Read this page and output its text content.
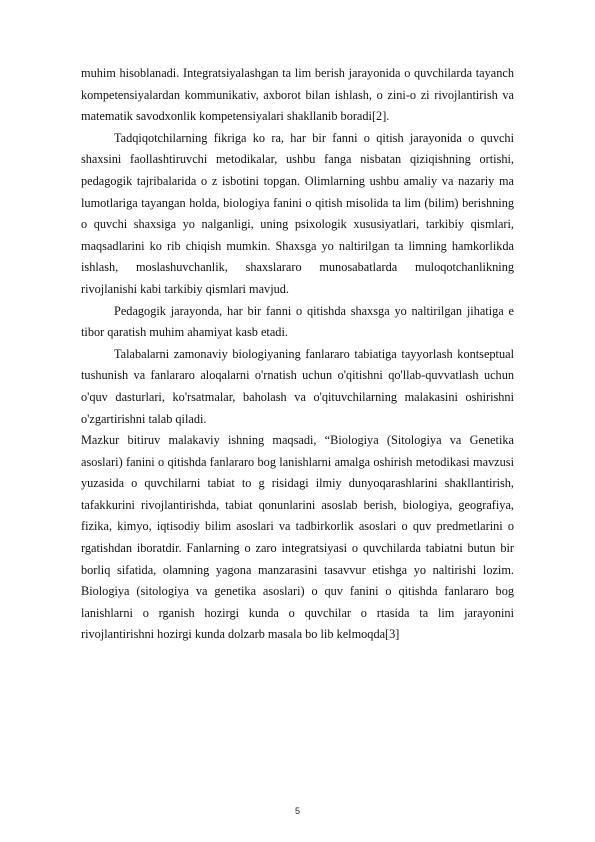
muhim hisoblanadi. Integratsiyalashgan ta lim berish jarayonida o quvchilarda tayanch kompetensiyalardan kommunikativ, axborot bilan ishlash, o zini-o zi rivojlantirish va matematik savodxonlik kompetensiyalari shakllanib boradi[2].

Tadqiqotchilarning fikriga ko ra, har bir fanni o qitish jarayonida o quvchi shaxsini faollashtiruvchi metodikalar, ushbu fanga nisbatan qiziqishning ortishi, pedagogik tajribalarida o z isbotini topgan. Olimlarning ushbu amaliy va nazariy ma lumotlariga tayangan holda, biologiya fanini o qitish misolida ta lim (bilim) berishning o quvchi shaxsiga yo nalganligi, uning psixologik xususiyatlari, tarkibiy qismlari, maqsadlarini ko rib chiqish mumkin. Shaxsga yo naltirilgan ta limning hamkorlikda ishlash, moslashuvchanlik, shaxslararo munosabatlarda muloqotchanlikning rivojlanishi kabi tarkibiy qismlari mavjud.

Pedagogik jarayonda, har bir fanni o qitishda shaxsga yo naltirilgan jihatiga e tibor qaratish muhim ahamiyat kasb etadi.

Talabalarni zamonaviy biologiyaning fanlararo tabiatiga tayyorlash kontseptual tushunish va fanlararo aloqalarni o'rnatish uchun o'qitishni qo'llab-quvvatlash uchun o'quv dasturlari, ko'rsatmalar, baholash va o'qituvchilarning malakasini oshirishni o'zgartirishni talab qiladi.

Mazkur bitiruv malakaviy ishning maqsadi, “Biologiya (Sitologiya va Genetika asoslari) fanini o qitishda fanlararo bog lanishlarni amalga oshirish metodikasi mavzusi yuzasida o quvchilarni tabiat to g risidagi ilmiy dunyoqarashlarini shakllantirish, tafakkurini rivojlantirishda, tabiat qonunlarini asoslab berish, biologiya, geografiya, fizika, kimyo, iqtisodiy bilim asoslari va tadbirkorlik asoslari o quv predmetlarini o rgatishdan iboratdir. Fanlarning o zaro integratsiyasi o quvchilarda tabiatni butun bir borliq sifatida, olamning yagona manzarasini tasavvur etishga yo naltirishi lozim. Biologiya (sitologiya va genetika asoslari) o quv fanini o qitishda fanlararo bog lanishlarni o rganish hozirgi kunda o quvchilar o rtasida ta lim jarayonini rivojlantirishni hozirgi kunda dolzarb masala bo lib kelmoqda[3]

5
